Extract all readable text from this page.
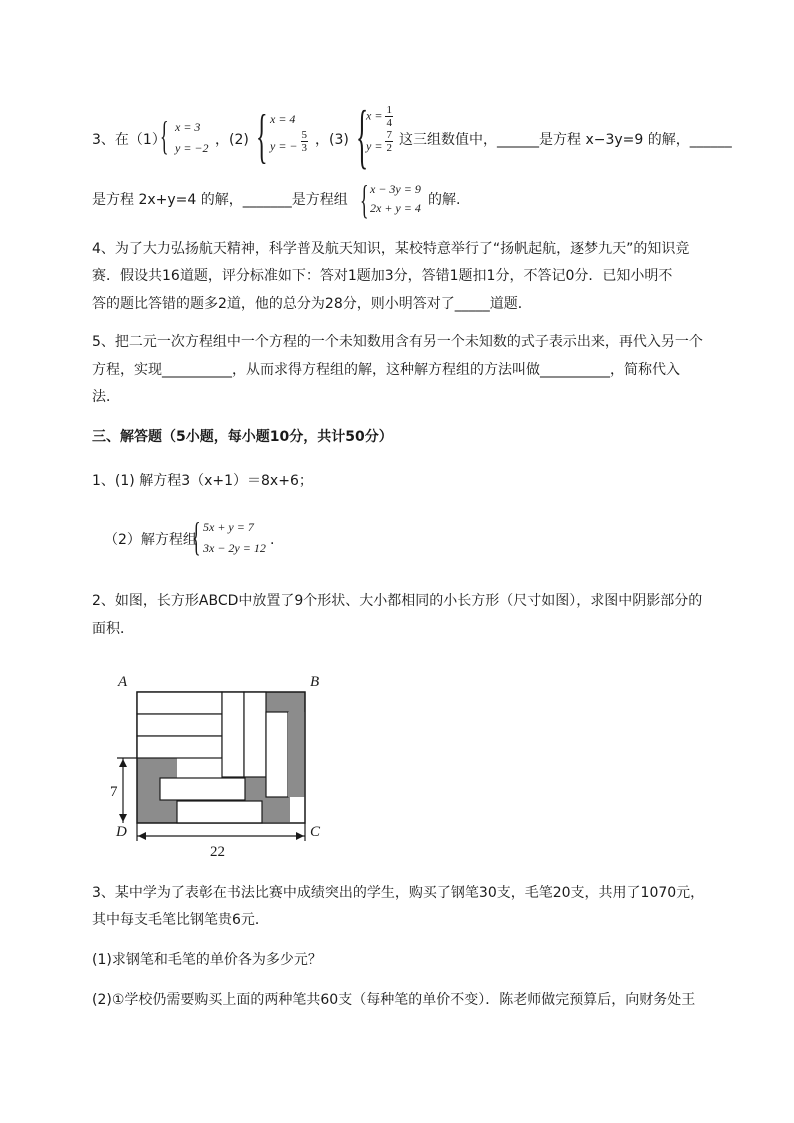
3、在（1）
{ x = 3
y = −2 ，(2) { x = 4
y = − $\frac{5}{3}$ ，(3) {
$x = \frac{1}{4}$
$y = \frac{7}{2}$ 这三组数值中，______是方程 x−3y=9 的解，______
是方程 2x+y=4 的解，_______是方程组 { x − 3y = 9
2x + y = 4 的解.
4、为了大力弘扬航天精神，科学普及航天知识，某校特意举行了“扬帆起航，逐梦九天”的知识竞
赛．假设共16道题，评分标准如下：答对1题加3分，答错1题扣1分，不答记0分．已知小明不
答的题比答错的题多2道，他的总分为28分，则小明答对了_____道题．
5、把二元一次方程组中一个方程的一个未知数用含有另一个未知数的式子表示出来，再代入另一个
方程，实现__________，从而求得方程组的解，这种解方程组的方法叫做__________，简称代入
法．
三、解答题（5小题，每小题10分，共计50分）
1、(1) 解方程3（x+1）＝8x+6；
（2）解方程组
{ 5x + y = 7
3x − 2y = 12 .
2、如图，长方形ABCD中放置了9个形状、大小都相同的小长方形（尺寸如图），求图中阴影部分的
面积．
A	B
C
D
7
22
3、某中学为了表彰在书法比赛中成绩突出的学生，购买了钢笔30支，毛笔20支，共用了1070元，
其中每支毛笔比钢笔贵6元．
(1)求钢笔和毛笔的单价各为多少元？
(2)①学校仍需要购买上面的两种笔共60支（每种笔的单价不变）．陈老师做完预算后，向财务处王
